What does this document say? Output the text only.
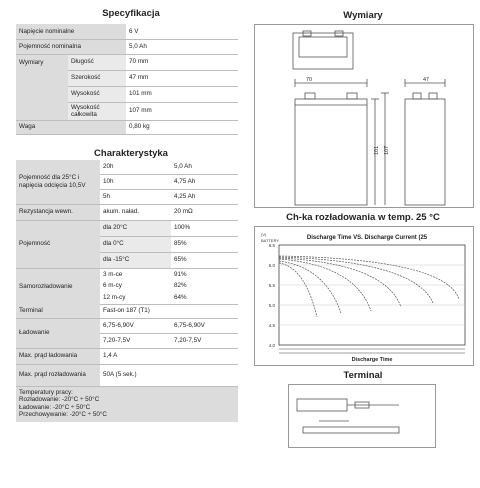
Specyfikacja
Napięcie nominalne		6 V
Pojemność nominalna		5,0 Ah
Wymiary	Długość	70 mm
	Szerokość	47 mm
	Wysokość	101 mm
	Wysokość całkowita	107 mm
Waga		0,80 kg
Charakterystyka
Pojemność dla 25°C i napięcia odcięcia 10,5V	20h	5,0 Ah
	10h	4,75 Ah
	5h	4,25 Ah
Rezystancja wewn.	akum. naład.	20 mΩ
Pojemność	dla 20°C	100%
	dla 0°C	85%
	dla -15°C	65%
Samorozładowanie	3 m-ce	91%
	6 m-cy	82%
	12 m-cy	64%
Terminal	Fast-on 187 (T1)	
Ładowanie	6,75-6,90V	6,75-6,90V
	7,20-7,5V	7,20-7,5V
Max. prąd ładowania	1,4 A	
Max. prąd rozładowania	50A (5 sek.)	

Temperatury pracy:
Rozładowanie: -20°C ÷ 50°C
Ładowanie: -20°C ÷ 50°C
Przechowywanie: -20°C ÷ 50°C		
Wymiary
70	47
101 107
Ch-ka rozładowania w temp. 25 °C
Discharge Time VS. Discharge Current (25
(V)
BATTERY
6.5
6.0
5.5
5.0
4.5
4.0
Discharge Time
Terminal
